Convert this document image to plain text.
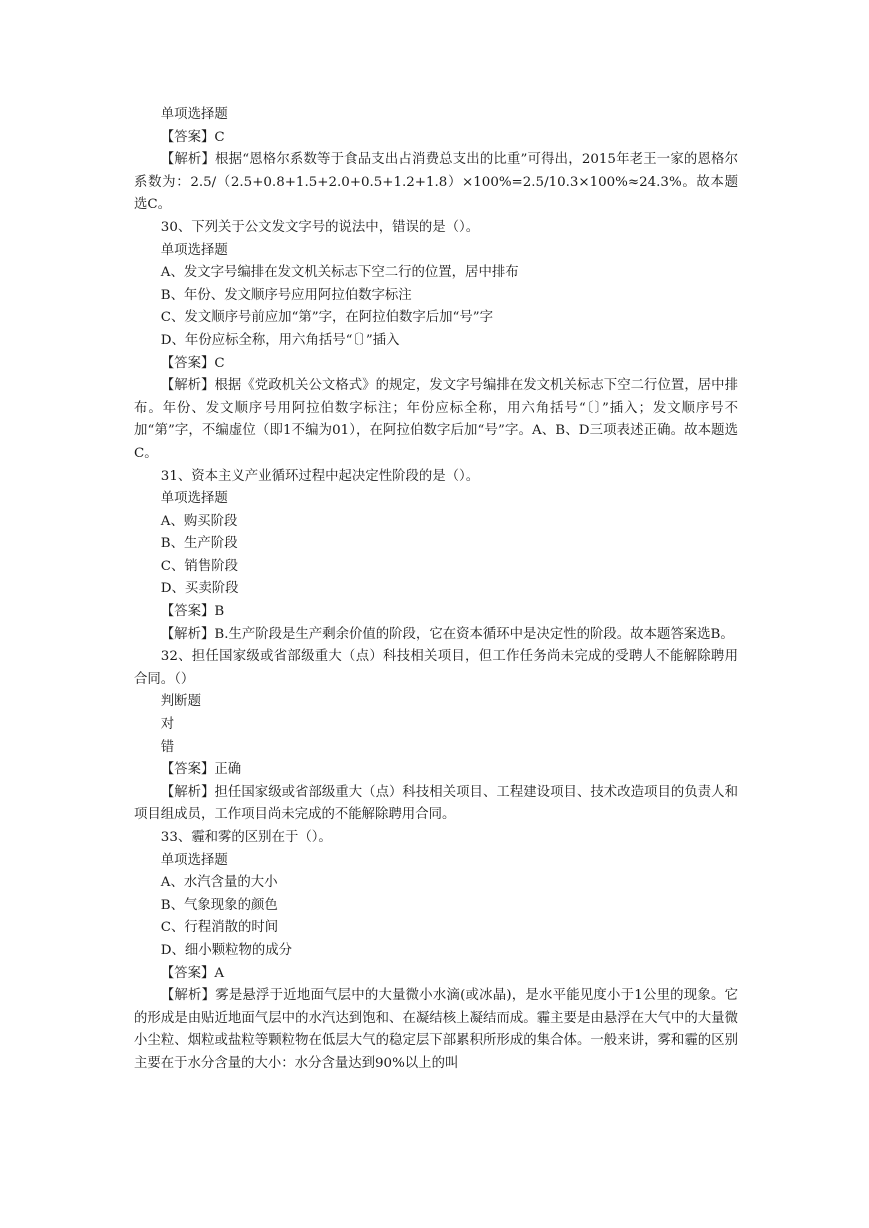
单项选择题

【答案】C

【解析】根据“恩格尔系数等于食品支出占消费总支出的比重”可得出，2015年老王一家的恩格尔系数为：2.5/（2.5+0.8+1.5+2.0+0.5+1.2+1.8）×100%=2.5/10.3×100%≈24.3%。故本题选C。

30、下列关于公文发文字号的说法中，错误的是（）。

单项选择题

A、发文字号编排在发文机关标志下空二行的位置，居中排布

B、年份、发文顺序号应用阿拉伯数字标注

C、发文顺序号前应加“第”字，在阿拉伯数字后加“号”字

D、年份应标全称，用六角括号“〔〕”插入

【答案】C

【解析】根据《党政机关公文格式》的规定，发文字号编排在发文机关标志下空二行位置，居中排布。年份、发文顺序号用阿拉伯数字标注；年份应标全称，用六角括号“〔〕”插入；发文顺序号不加“第”字，不编虚位（即1不编为01），在阿拉伯数字后加“号”字。A、B、D三项表述正确。故本题选C。

31、资本主义产业循环过程中起决定性阶段的是（）。

单项选择题

A、购买阶段

B、生产阶段

C、销售阶段

D、买卖阶段

【答案】B

【解析】B.生产阶段是生产剩余价值的阶段，它在资本循环中是决定性的阶段。故本题答案选B。

32、担任国家级或省部级重大（点）科技相关项目，但工作任务尚未完成的受聘人不能解除聘用合同。（）

判断题

对

错

【答案】正确

【解析】担任国家级或省部级重大（点）科技相关项目、工程建设项目、技术改造项目的负责人和项目组成员，工作项目尚未完成的不能解除聘用合同。

33、霾和雾的区别在于（）。

单项选择题

A、水汽含量的大小

B、气象现象的颜色

C、行程消散的时间

D、细小颗粒物的成分

【答案】A

【解析】雾是悬浮于近地面气层中的大量微小水滴(或冰晶)，是水平能见度小于1公里的现象。它的形成是由贴近地面气层中的水汽达到饱和、在凝结核上凝结而成。霾主要是由悬浮在大气中的大量微小尘粒、烟粒或盐粒等颗粒物在低层大气的稳定层下部累积所形成的集合体。一般来讲，雾和霾的区别主要在于水分含量的大小：水分含量达到90%以上的叫
